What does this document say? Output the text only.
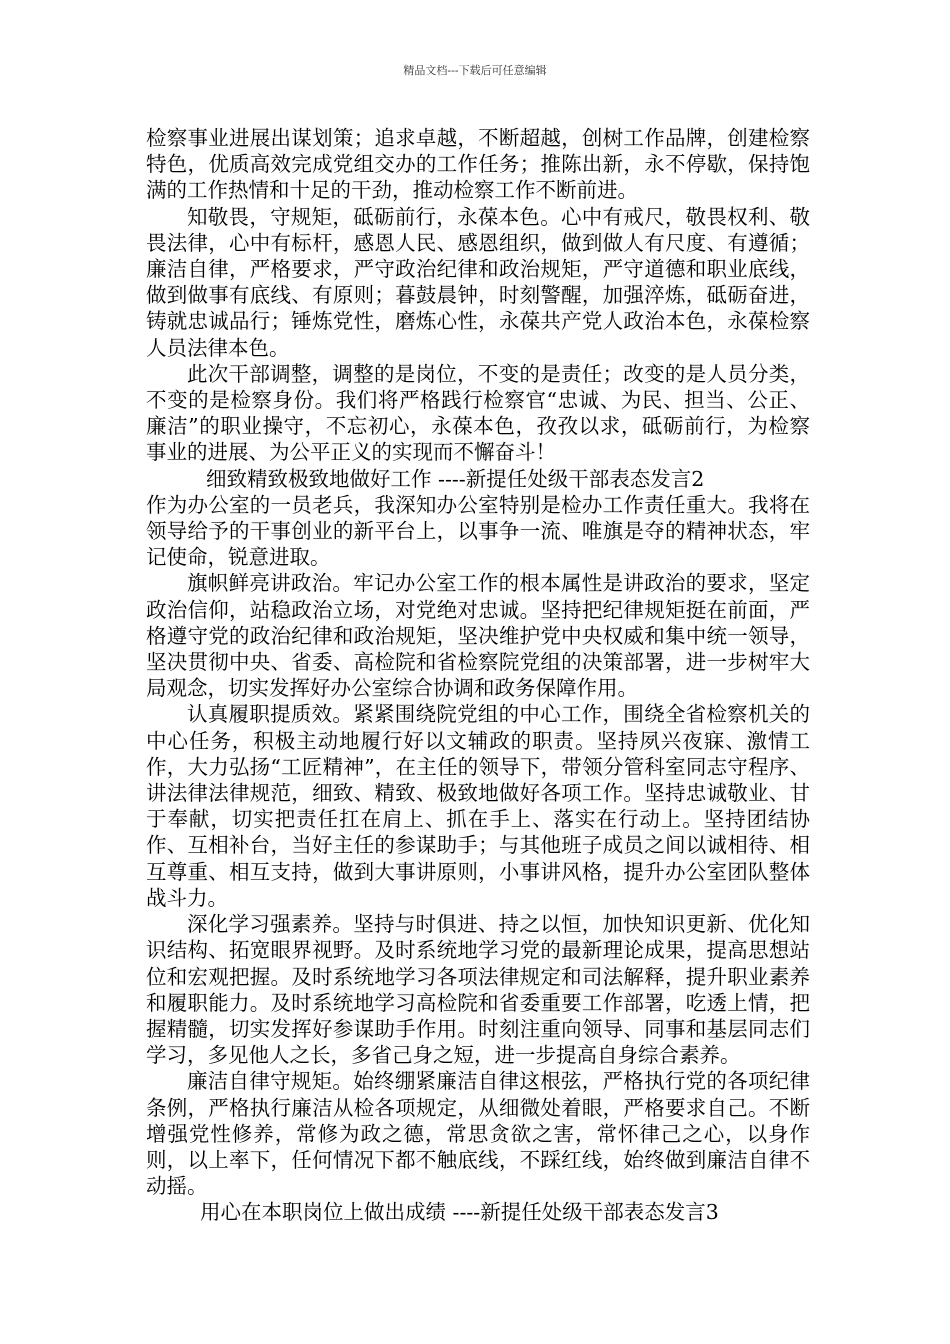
精品文档---下载后可任意编辑

检察事业进展出谋划策；追求卓越，不断超越，创树工作品牌，创建检察特色，优质高效完成党组交办的工作任务；推陈出新，永不停歇，保持饱满的工作热情和十足的干劲，推动检察工作不断前进。

知敬畏，守规矩，砥砺前行，永葆本色。心中有戒尺，敬畏权利、敬畏法律，心中有标杆，感恩人民、感恩组织，做到做人有尺度、有遵循；廉洁自律，严格要求，严守政治纪律和政治规矩，严守道德和职业底线，做到做事有底线、有原则；暮鼓晨钟，时刻警醒，加强淬炼，砥砺奋进，铸就忠诚品行；锤炼党性，磨炼心性，永葆共产党人政治本色，永葆检察人员法律本色。

此次干部调整，调整的是岗位，不变的是责任；改变的是人员分类，不变的是检察身份。我们将严格践行检察官“忠诚、为民、担当、公正、廉洁”的职业操守，不忘初心，永葆本色，孜孜以求，砥砺前行，为检察事业的进展、为公平正义的实现而不懈奋斗！

细致精致极致地做好工作 ----新提任处级干部表态发言2

作为办公室的一员老兵，我深知办公室特别是检办工作责任重大。我将在领导给予的干事创业的新平台上，以事争一流、唯旗是夺的精神状态，牢记使命，锐意进取。

旗帜鲜亮讲政治。牢记办公室工作的根本属性是讲政治的要求，坚定政治信仰，站稳政治立场，对党绝对忠诚。坚持把纪律规矩挺在前面，严格遵守党的政治纪律和政治规矩，坚决维护党中央权威和集中统一领导，坚决贯彻中央、省委、高检院和省检察院党组的决策部署，进一步树牢大局观念，切实发挥好办公室综合协调和政务保障作用。

认真履职提质效。紧紧围绕院党组的中心工作，围绕全省检察机关的中心任务，积极主动地履行好以文辅政的职责。坚持夙兴夜寐、激情工作，大力弘扬“工匠精神”，在主任的领导下，带领分管科室同志守程序、讲法律法律规范，细致、精致、极致地做好各项工作。坚持忠诚敬业、甘于奉献，切实把责任扛在肩上、抓在手上、落实在行动上。坚持团结协作、互相补台，当好主任的参谋助手；与其他班子成员之间以诚相待、相互尊重、相互支持，做到大事讲原则，小事讲风格，提升办公室团队整体战斗力。

深化学习强素养。坚持与时俱进、持之以恒，加快知识更新、优化知识结构、拓宽眼界视野。及时系统地学习党的最新理论成果，提高思想站位和宏观把握。及时系统地学习各项法律规定和司法解释，提升职业素养和履职能力。及时系统地学习高检院和省委重要工作部署，吃透上情，把握精髓，切实发挥好参谋助手作用。时刻注重向领导、同事和基层同志们学习，多见他人之长，多省己身之短，进一步提高自身综合素养。

廉洁自律守规矩。始终绷紧廉洁自律这根弦，严格执行党的各项纪律条例，严格执行廉洁从检各项规定，从细微处着眼，严格要求自己。不断增强党性修养，常修为政之德，常思贪欲之害，常怀律己之心，以身作则，以上率下，任何情况下都不触底线，不踩红线，始终做到廉洁自律不动摇。

用心在本职岗位上做出成绩 ----新提任处级干部表态发言3
